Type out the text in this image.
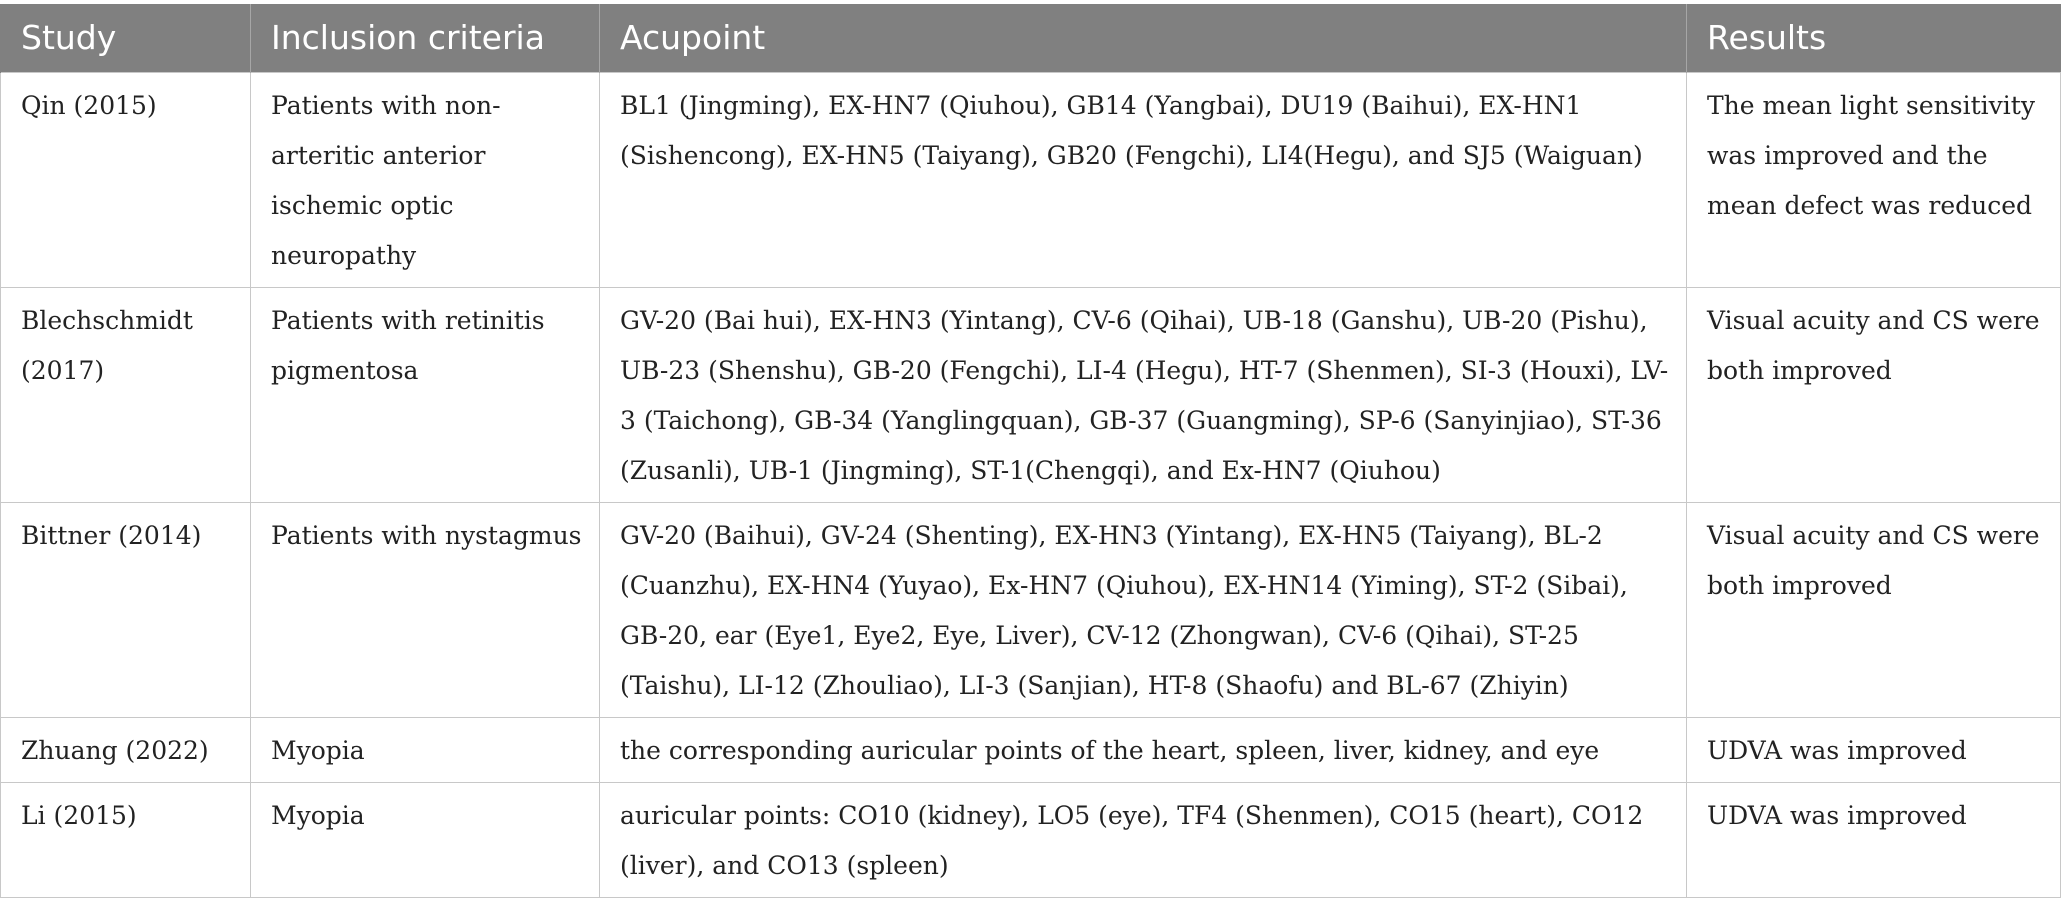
Study	Inclusion criteria	Acupoint	Results
Qin (2015)	Patients with non-arteritic anterior ischemic optic neuropathy	BL1 (Jingming), EX-HN7 (Qiuhou), GB14 (Yangbai), DU19 (Baihui), EX-HN1 (Sishencong), EX-HN5 (Taiyang), GB20 (Fengchi), LI4(Hegu), and SJ5 (Waiguan)	The mean light sensitivity was improved and the mean defect was reduced
Blechschmidt (2017)	Patients with retinitis pigmentosa	GV-20 (Bai hui), EX-HN3 (Yintang), CV-6 (Qihai), UB-18 (Ganshu), UB-20 (Pishu), UB-23 (Shenshu), GB-20 (Fengchi), LI-4 (Hegu), HT-7 (Shenmen), SI-3 (Houxi), LV-3 (Taichong), GB-34 (Yanglingquan), GB-37 (Guangming), SP-6 (Sanyinjiao), ST-36 (Zusanli), UB-1 (Jingming), ST-1(Chengqi), and Ex-HN7 (Qiuhou)	Visual acuity and CS were both improved
Bittner (2014)	Patients with nystagmus	GV-20 (Baihui), GV-24 (Shenting), EX-HN3 (Yintang), EX-HN5 (Taiyang), BL-2 (Cuanzhu), EX-HN4 (Yuyao), Ex-HN7 (Qiuhou), EX-HN14 (Yiming), ST-2 (Sibai), GB-20, ear (Eye1, Eye2, Eye, Liver), CV-12 (Zhongwan), CV-6 (Qihai), ST-25 (Taishu), LI-12 (Zhouliao), LI-3 (Sanjian), HT-8 (Shaofu) and BL-67 (Zhiyin)	Visual acuity and CS were both improved
Zhuang (2022)	Myopia	the corresponding auricular points of the heart, spleen, liver, kidney, and eye	UDVA was improved
Li (2015)	Myopia	auricular points: CO10 (kidney), LO5 (eye), TF4 (Shenmen), CO15 (heart), CO12 (liver), and CO13 (spleen)	UDVA was improved
